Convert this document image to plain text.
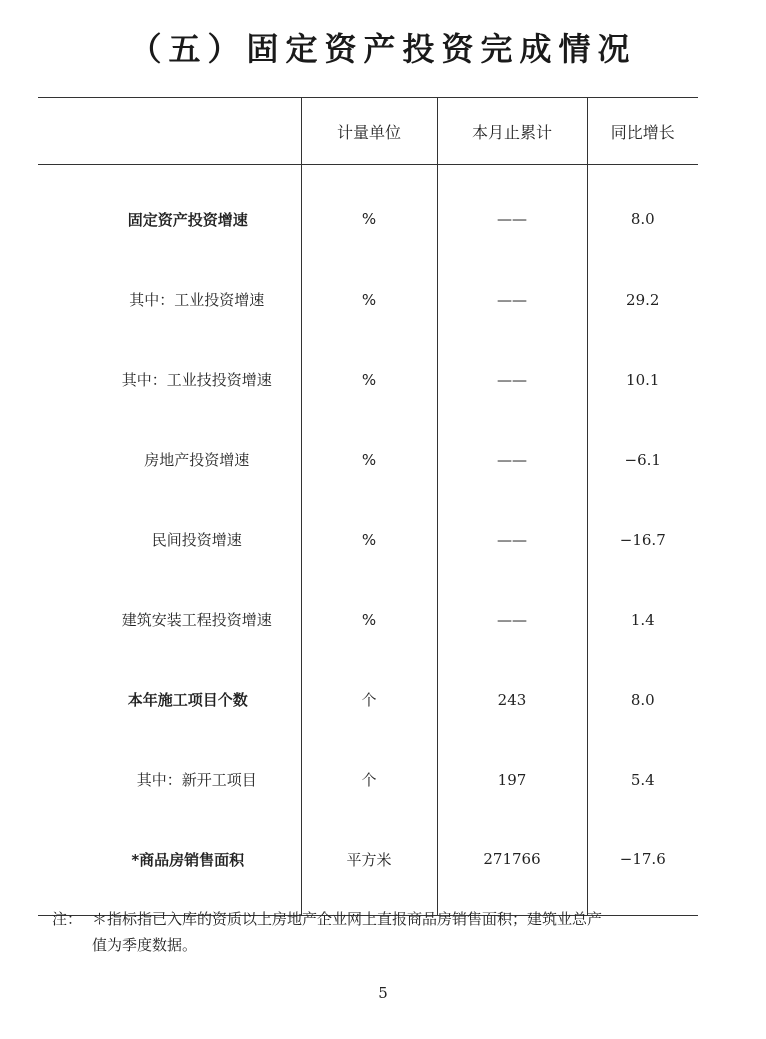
（五）固定资产投资完成情况
	计量单位	本月止累计	同比增长
固定资产投资增速	%	——	8.0
其中：工业投资增速	%	——	29.2
其中：工业技投资增速	%	——	10.1
房地产投资增速	%	——	−6.1
民间投资增速	%	——	−16.7
建筑安装工程投资增速	%	——	1.4
本年施工项目个数	个	243	8.0
其中：新开工项目	个	197	5.4
*商品房销售面积	平方米	271766	−17.6
注： ＊指标指已入库的资质以上房地产企业网上直报商品房销售面积；建筑业总产
值为季度数据。
5
